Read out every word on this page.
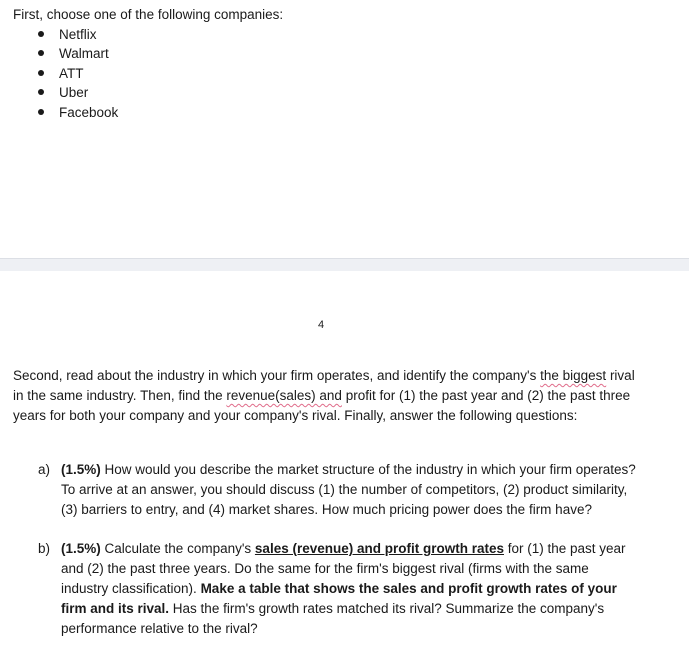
First, choose one of the following companies:
Netflix
Walmart
ATT
Uber
Facebook
4

Second, read about the industry in which your firm operates, and identify the company's the biggest rival in the same industry. Then, find the revenue(sales) and profit for (1) the past year and (2) the past three years for both your company and your company's rival. Finally, answer the following questions:

a) (1.5%) How would you describe the market structure of the industry in which your firm operates? To arrive at an answer, you should discuss (1) the number of competitors, (2) product similarity, (3) barriers to entry, and (4) market shares. How much pricing power does the firm have?
b) (1.5%) Calculate the company's sales (revenue) and profit growth rates for (1) the past year and (2) the past three years. Do the same for the firm's biggest rival (firms with the same industry classification). Make a table that shows the sales and profit growth rates of your firm and its rival. Has the firm's growth rates matched its rival? Summarize the company's performance relative to the rival?
